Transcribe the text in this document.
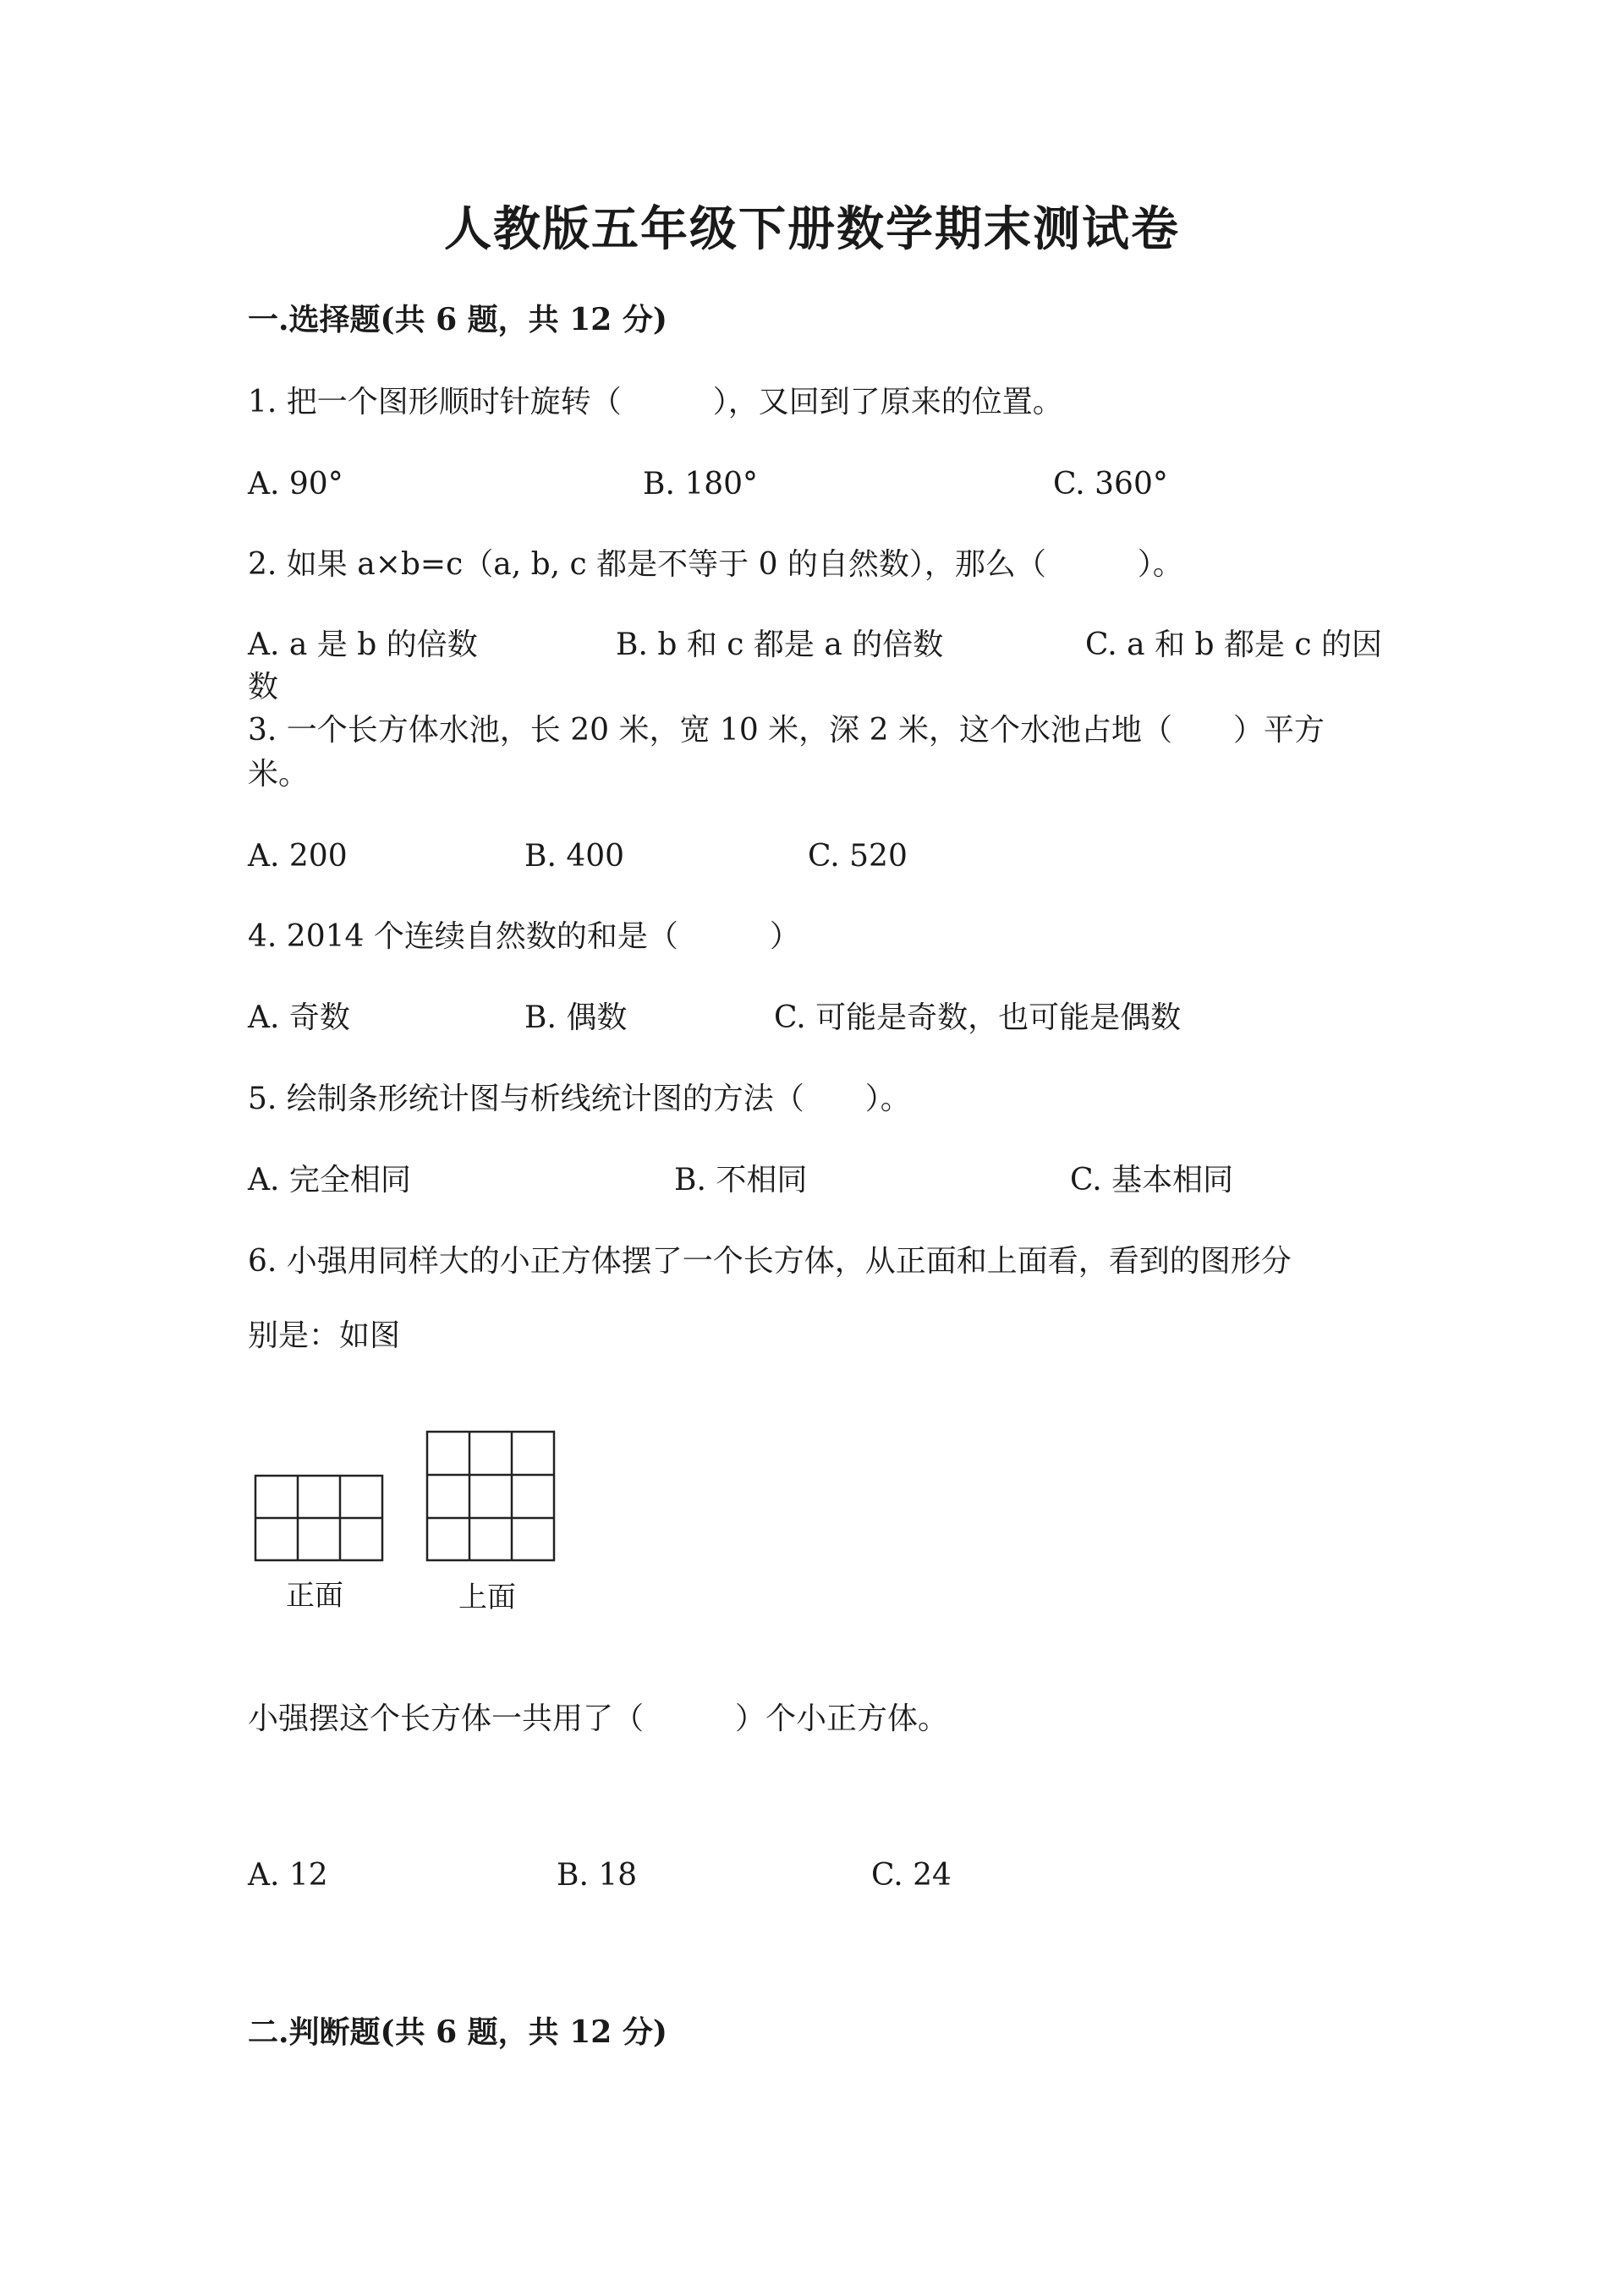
人教版五年级下册数学期末测试卷
一.选择题(共 6 题，共 12 分)
1. 把一个图形顺时针旋转（　　　），又回到了原来的位置。
A. 90°	B. 180°	C. 360°
2. 如果 a×b=c（a, b, c 都是不等于 0 的自然数），那么（　　　）。
A. a 是 b 的倍数	B. b 和 c 都是 a 的倍数	C. a 和 b 都是 c 的因
数
3. 一个长方体水池，长 20 米，宽 10 米，深 2 米，这个水池占地（　　）平方
米。
A. 200	B. 400	C. 520
4. 2014 个连续自然数的和是（　　　）
A. 奇数	B. 偶数	C. 可能是奇数，也可能是偶数
5. 绘制条形统计图与析线统计图的方法（　　）。
A. 完全相同	B. 不相同	C. 基本相同
6. 小强用同样大的小正方体摆了一个长方体，从正面和上面看，看到的图形分
别是：如图
正面	上面
小强摆这个长方体一共用了（　　　）个小正方体。
A. 12	B. 18	C. 24
二.判断题(共 6 题，共 12 分)
